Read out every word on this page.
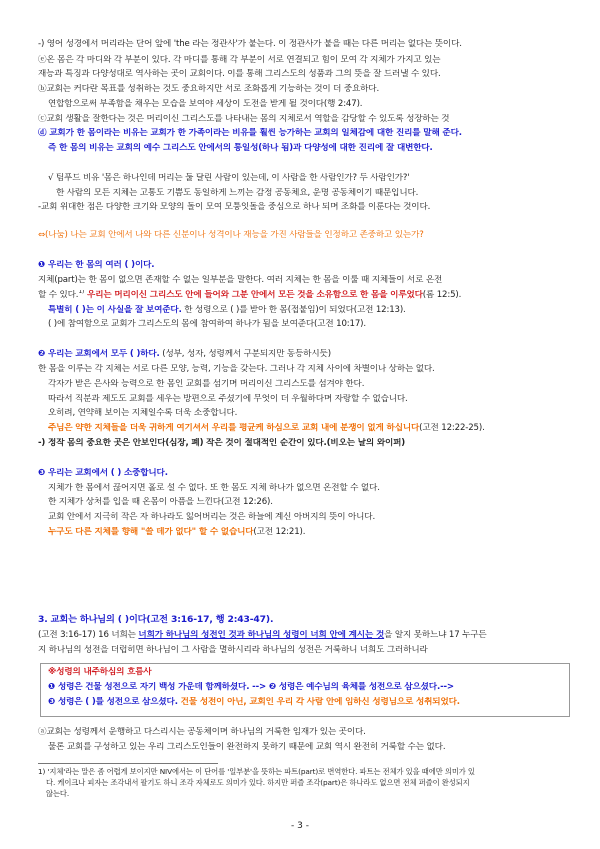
-) 영어 성경에서 머리라는 단어 앞에 'the 라는 정관사'가 붙는다. 이 정관사가 붙을 때는 다른 머리는 없다는 뜻이다.
ⓔ온 몸은 각 마디와 각 부분이 있다. 각 마디를 통해 각 부분이 서로 연결되고 힘이 모여 각 지체가 가지고 있는
재능과 특징과 다양성대로 역사하는 곳이 교회이다. 이를 통해 그리스도의 성품과 그의 뜻을 잘 드러낼 수 있다.
ⓑ교회는 커다란 목표를 성취하는 것도 중요하지만 서로 조화롭게 기능하는 것이 더 중요하다.
연합함으로써 부족함을 채우는 모습을 보여야 세상이 도전을 받게 될 것이다(행 2:47).
ⓒ교회 생활을 잘한다는 것은 머리이신 그리스도를 나타내는 몸의 지체로서 역할을 감당할 수 있도록 성장하는 것
ⓓ 교회가 한 몸이라는 비유는 교회가 한 가족이라는 비유를 훨씬 능가하는 교회의 일체감에 대한 진리를 말해 준다.
즉 한 몸의 비유는 교회의 예수 그리스도 안에서의 통일성(하나 됨)과 다양성에 대한 진리에 잘 대변한다.
√ 팀푸드 비유 '몸은 하나인데 머리는 둘 달린 사람이 있는데, 이 사람을 한 사람인가? 두 사람인가?'
한 사람의 모든 지체는 고통도 기쁨도 동일하게 느끼는 감정 공동체요, 운명 공동체이기 때문입니다.
-교회 위대한 점은 다양한 크기와 모양의 돌이 모여 모퉁잇돌을 중심으로 하나 되며 조화를 이룬다는 것이다.
⇔(나눔) 나는 교회 안에서 나와 다른 신분이나 성격이나 재능을 가진 사람들을 인정하고 존중하고 있는가?
❶ 우리는 한 몸의 여러 ( )이다.
지체(part)는 한 몸이 없으면 존재할 수 없는 일부분을 말한다. 여러 지체는 한 몸을 이룰 때 지체들이 서로 온전
할 수 있다.$^{1)}$ 우리는 머리이신 그리스도 안에 들어와 그분 안에서 모든 것을 소유함으로 한 몸을 이루었다(롬 12:5).
특별히 ( )는 이 사실을 잘 보여준다. 한 성령으로 ( )를 받아 한 몸(접붙임)이 되었다(고전 12:13).
( )에 참여함으로 교회가 그리스도의 몸에 참여하여 하나가 됨을 보여준다(고전 10:17).
❷ 우리는 교회에서 모두 ( )하다. (성부, 성자, 성령께서 구분되지만 동등하시듯)
한 몸을 이루는 각 지체는 서로 다른 모양, 능력, 기능을 갖는다. 그러나 각 지체 사이에 차별이나 상하는 없다.
각자가 받은 은사와 능력으로 한 몸인 교회를 섬기며 머리이신 그리스도를 섬겨야 한다.
따라서 직분과 제도도 교회를 세우는 방편으로 주셨기에 무엇이 더 우월하다며 자랑할 수 없습니다.
오히려, 연약해 보이는 지체일수록 더욱 소중합니다.
주님은 약한 지체들을 더욱 귀하게 여기셔서 우리를 평균케 하심으로 교회 내에 분쟁이 없게 하십니다(고전 12:22-25).
-) 정작 몸의 중요한 곳은 안보인다(심장, 폐) 작은 것이 절대적인 순간이 있다.(비오는 날의 와이퍼)
❸ 우리는 교회에서 ( ) 소중합니다.
지체가 한 몸에서 끊어지면 홀로 설 수 없다. 또 한 몸도 지체 하나가 없으면 온전할 수 없다.
한 지체가 상처를 입을 때 온몸이 아픔을 느낀다(고전 12:26).
교회 안에서 지극히 작은 자 하나라도 잃어버리는 것은 하늘에 계신 아버지의 뜻이 아니다.
누구도 다른 지체를 향해 "쓸 데가 없다" 할 수 없습니다(고전 12:21).
3. 교회는 하나님의 ( )이다(고전 3:16-17, 행 2:43-47).
(고전 3:16-17) 16 너희는 너희가 하나님의 성전인 것과 하나님의 성령이 너희 안에 계시는 것을 알지 못하느냐 17 누구든
지 하나님의 성전을 더럽히면 하나님이 그 사람을 멸하시리라 하나님의 성전은 거룩하니 너희도 그러하니라
※성령의 내주하심의 흐름사
❶ 성령은 건물 성전으로 자기 백성 가운데 함께하셨다. --> ❷ 성령은 예수님의 육체를 성전으로 삼으셨다.-->
❸ 성령은 ( )를 성전으로 삼으셨다. 건물 성전이 아닌, 교회인 우리 각 사람 안에 임하신 성령님으로 성취되었다.
ⓐ교회는 성령께서 운행하고 다스리시는 공동체이며 하나님의 거룩한 임재가 있는 곳이다.
물론 교회를 구성하고 있는 우리 그리스도인들이 완전하지 못하기 때문에 교회 역시 완전히 거룩할 수는 없다.
1) '지체'라는 말은 좀 어렵게 보이지만 NIV에서는 이 단어를 '일부분'을 뜻하는 파트(part)로 번역한다. 파트는 전체가 있을 때에만 의미가 있
다. 케이크나 피자는 조각내서 팔기도 하니 조각 자체로도 의미가 있다. 하지만 퍼즐 조각(part)은 하나라도 없으면 전체 퍼즐이 완성되지
않는다.
- 3 -
